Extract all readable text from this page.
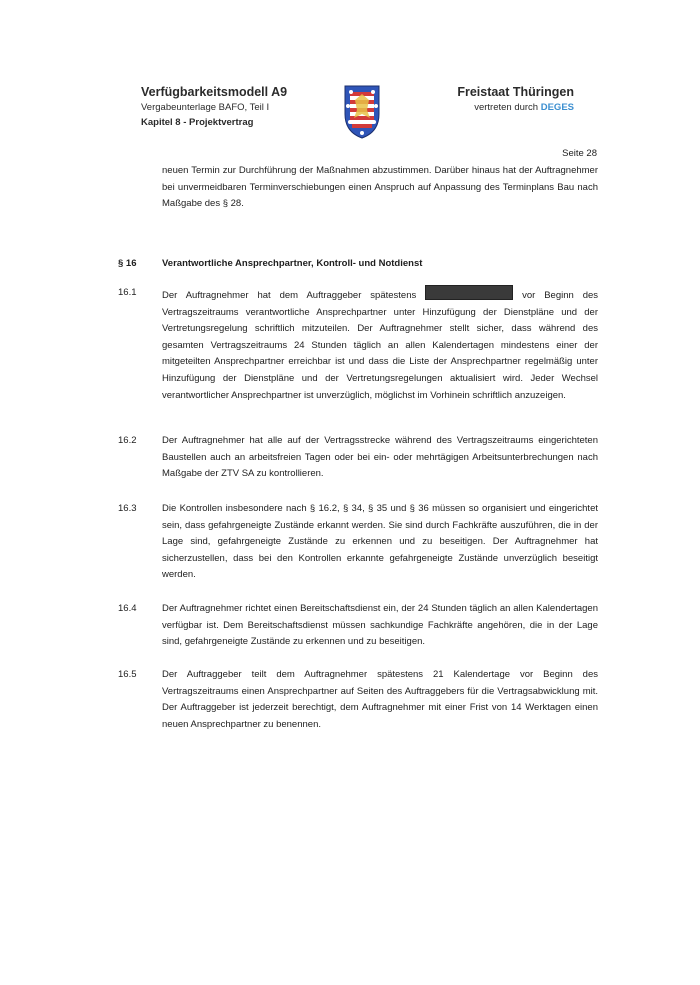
Verfügbarkeitsmodell A9
Vergabeunterlage BAFO, Teil I
Kapitel 8 - Projektvertrag
Freistaat Thüringen
vertreten durch DEGES
Seite 28
neuen Termin zur Durchführung der Maßnahmen abzustimmen. Darüber hinaus hat der Auftragnehmer bei unvermeidbaren Terminverschiebungen einen Anspruch auf Anpassung des Terminplans Bau nach Maßgabe des § 28.
§ 16	Verantwortliche Ansprechpartner, Kontroll- und Notdienst
16.1	Der Auftragnehmer hat dem Auftraggeber spätestens	vor Beginn des Vertragszeitraums verantwortliche Ansprechpartner unter Hinzufügung der Dienstpläne und der Vertretungsregelung schriftlich mitzuteilen. Der Auftragnehmer stellt sicher, dass während des gesamten Vertragszeitraums 24 Stunden täglich an allen Kalendertagen mindestens einer der mitgeteilten Ansprechpartner erreichbar ist und dass die Liste der Ansprechpartner regelmäßig unter Hinzufügung der Dienstpläne und der Vertretungsregelungen aktualisiert wird. Jeder Wechsel verantwortlicher Ansprechpartner ist unverzüglich, möglichst im Vorhinein schriftlich anzuzeigen.
16.2	Der Auftragnehmer hat alle auf der Vertragsstrecke während des Vertragszeitraums eingerichteten Baustellen auch an arbeitsfreien Tagen oder bei ein- oder mehrtägigen Arbeitsunterbrechungen nach Maßgabe der ZTV SA zu kontrollieren.
16.3	Die Kontrollen insbesondere nach § 16.2, § 34, § 35 und § 36 müssen so organisiert und eingerichtet sein, dass gefahrgeneigte Zustände erkannt werden. Sie sind durch Fachkräfte auszuführen, die in der Lage sind, gefahrgeneigte Zustände zu erkennen und zu beseitigen. Der Auftragnehmer hat sicherzustellen, dass bei den Kontrollen erkannte gefahrgeneigte Zustände unverzüglich beseitigt werden.
16.4	Der Auftragnehmer richtet einen Bereitschaftsdienst ein, der 24 Stunden täglich an allen Kalendertagen verfügbar ist. Dem Bereitschaftsdienst müssen sachkundige Fachkräfte angehören, die in der Lage sind, gefahrgeneigte Zustände zu erkennen und zu beseitigen.
16.5	Der Auftraggeber teilt dem Auftragnehmer spätestens 21 Kalendertage vor Beginn des Vertragszeitraums einen Ansprechpartner auf Seiten des Auftraggebers für die Vertragsabwicklung mit. Der Auftraggeber ist jederzeit berechtigt, dem Auftragnehmer mit einer Frist von 14 Werktagen einen neuen Ansprechpartner zu benennen.
